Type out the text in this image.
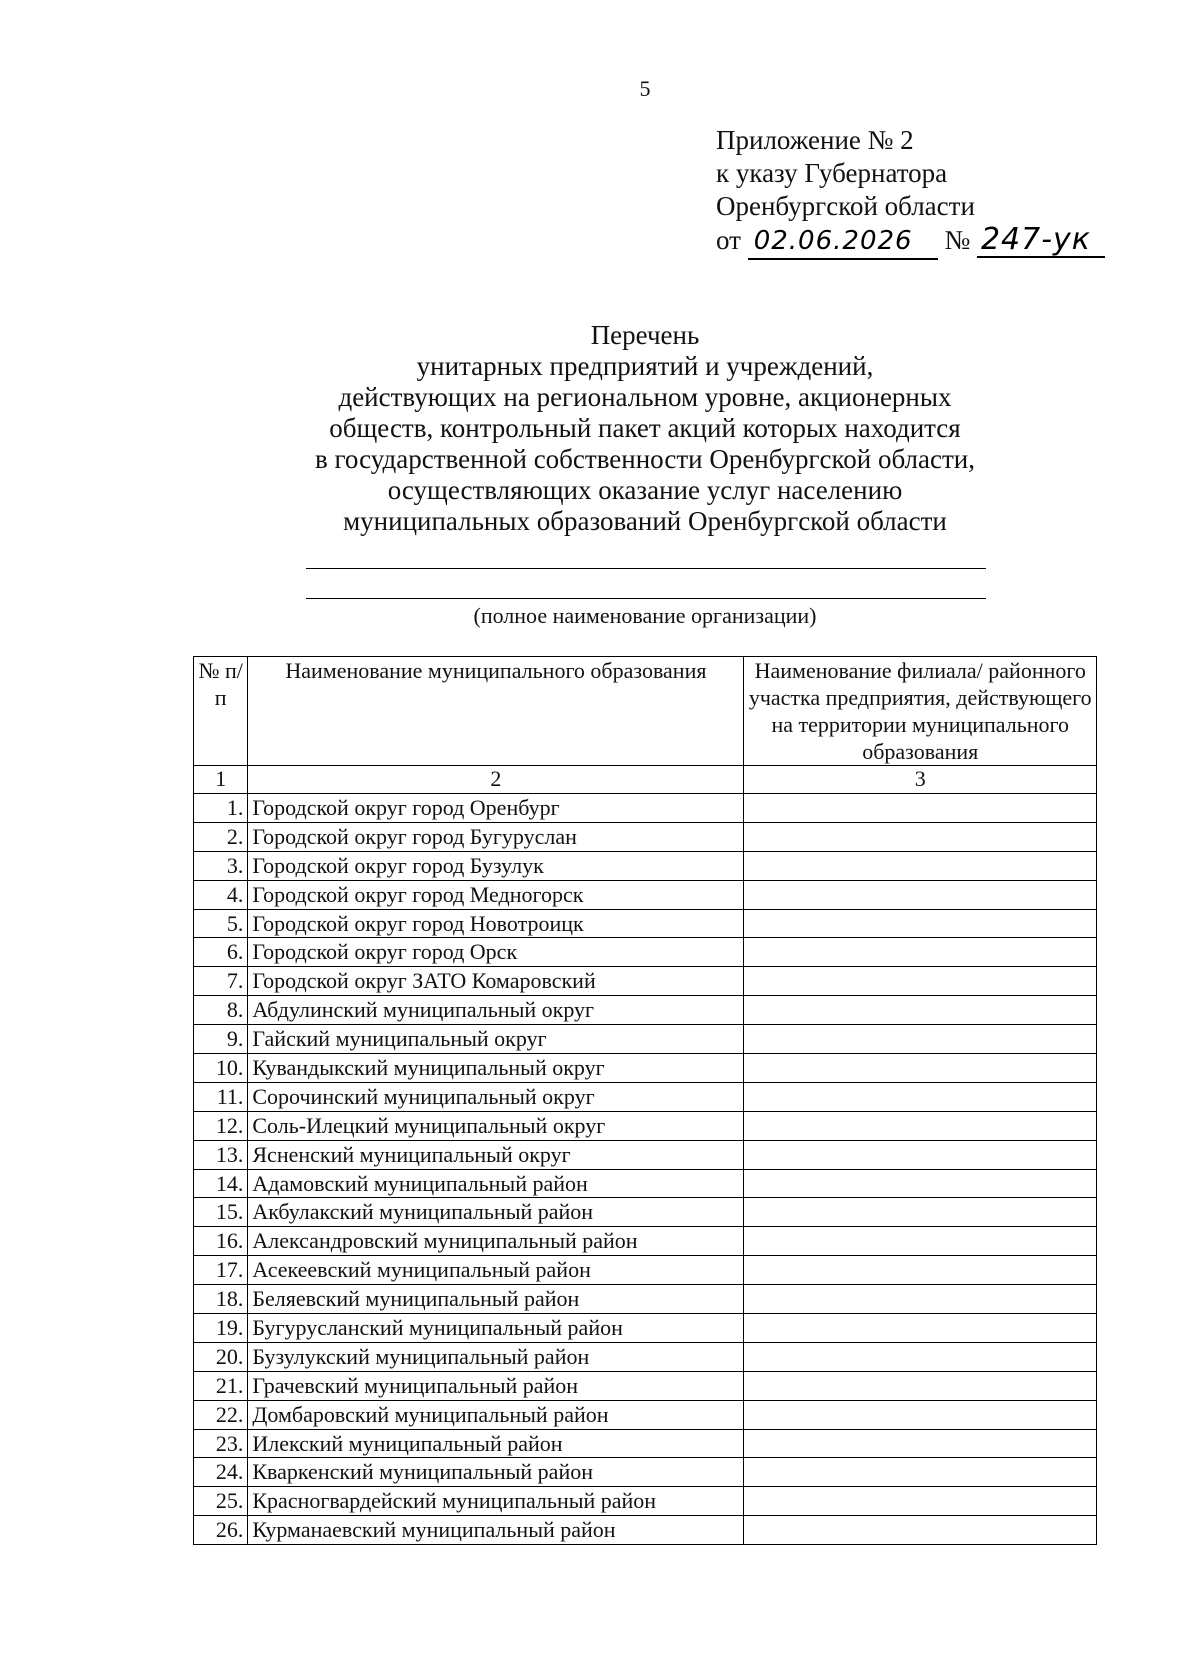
5
Приложение № 2
к указу Губернатора
Оренбургской области
от 02.06.2026 № 247-ук
Перечень
унитарных предприятий и учреждений,
действующих на региональном уровне, акционерных
обществ, контрольный пакет акций которых находится
в государственной собственности Оренбургской области,
осуществляющих оказание услуг населению
муниципальных образований Оренбургской области
(полное наименование организации)
№ п/п	Наименование муниципального образования	Наименование филиала/ районного участка предприятия, действующего на территории муниципального образования
1	2	3
1.	Городской округ город Оренбург	
2.	Городской округ город Бугуруслан	
3.	Городской округ город Бузулук	
4.	Городской округ город Медногорск	
5.	Городской округ город Новотроицк	
6.	Городской округ город Орск	
7.	Городской округ ЗАТО Комаровский	
8.	Абдулинский муниципальный округ	
9.	Гайский муниципальный округ	
10.	Кувандыкский муниципальный округ	
11.	Сорочинский муниципальный округ	
12.	Соль-Илецкий муниципальный округ	
13.	Ясненский муниципальный округ	
14.	Адамовский муниципальный район	
15.	Акбулакский муниципальный район	
16.	Александровский муниципальный район	
17.	Асекеевский муниципальный район	
18.	Беляевский муниципальный район	
19.	Бугурусланский муниципальный район	
20.	Бузулукский муниципальный район	
21.	Грачевский муниципальный район	
22.	Домбаровский муниципальный район	
23.	Илекский муниципальный район	
24.	Кваркенский муниципальный район	
25.	Красногвардейский муниципальный район	
26.	Курманаевский муниципальный район	
